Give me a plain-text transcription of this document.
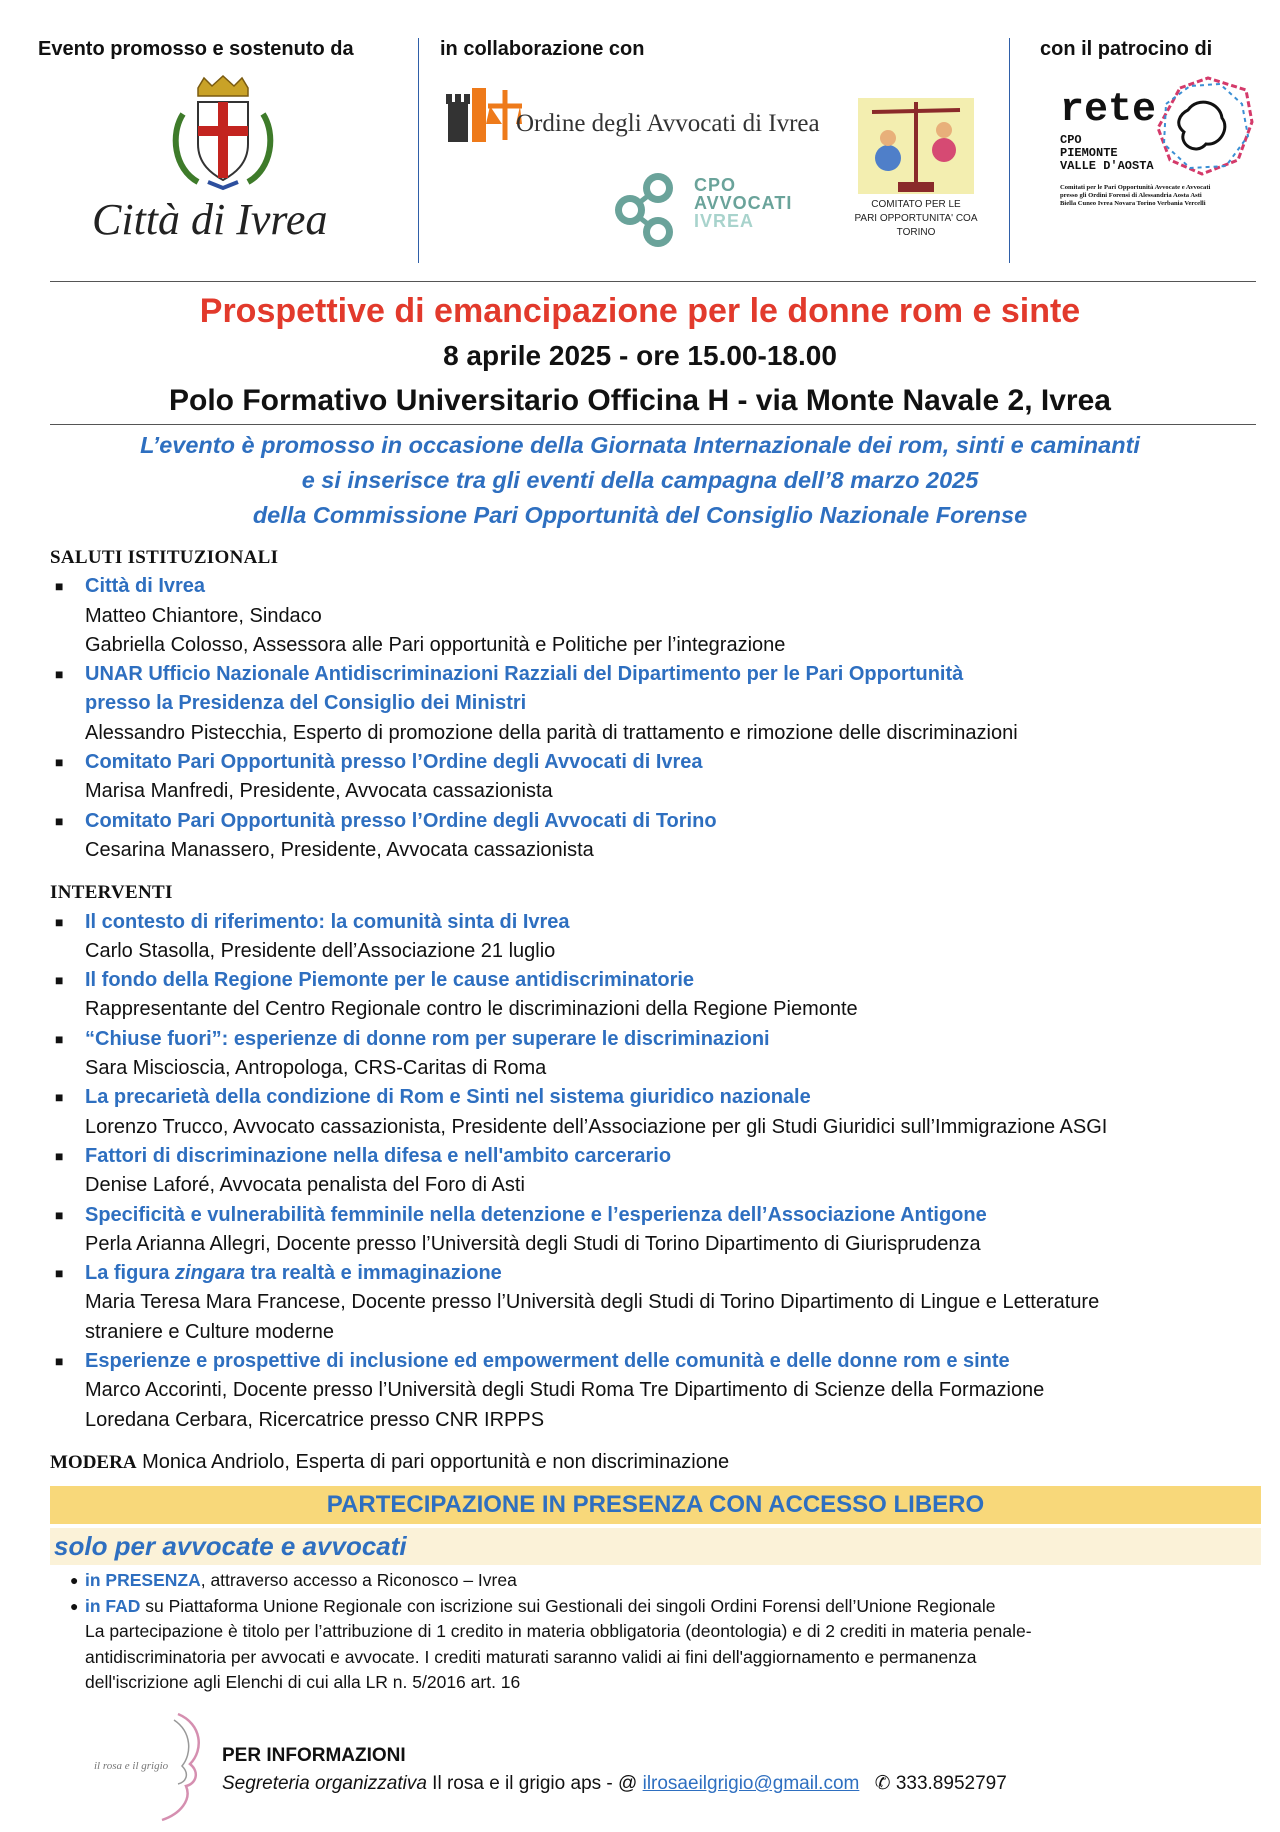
Evento promosso e sostenuto da	in collaborazione con	con il patrocino di
Città di Ivrea
Ordine degli Avvocati di Ivrea
CPO
AVVOCATI
IVREA
COMITATO PER LE
PARI OPPORTUNITA' COA TORINO
rete
CPO
PIEMONTE
VALLE D'AOSTA
Comitati per le Pari Opportunità Avvocate e Avvocati
presso gli Ordini Forensi di Alessandria Aosta Asti
Biella Cuneo Ivrea Novara Torino Verbania Vercelli
Prospettive di emancipazione per le donne rom e sinte
8 aprile 2025 - ore 15.00-18.00
Polo Formativo Universitario Officina H - via Monte Navale 2, Ivrea
L’evento è promosso in occasione della Giornata Internazionale dei rom, sinti e caminanti
e si inserisce tra gli eventi della campagna dell’8 marzo 2025
della Commissione Pari Opportunità del Consiglio Nazionale Forense
SALUTI ISTITUZIONALI
■ Città di Ivrea
Matteo Chiantore, Sindaco
Gabriella Colosso, Assessora alle Pari opportunità e Politiche per l’integrazione
■ UNAR Ufficio Nazionale Antidiscriminazioni Razziali del Dipartimento per le Pari Opportunità
presso la Presidenza del Consiglio dei Ministri
Alessandro Pistecchia, Esperto di promozione della parità di trattamento e rimozione delle discriminazioni
■ Comitato Pari Opportunità presso l’Ordine degli Avvocati di Ivrea
Marisa Manfredi, Presidente, Avvocata cassazionista
■ Comitato Pari Opportunità presso l’Ordine degli Avvocati di Torino
Cesarina Manassero, Presidente, Avvocata cassazionista
INTERVENTI
■ Il contesto di riferimento: la comunità sinta di Ivrea
Carlo Stasolla, Presidente dell’Associazione 21 luglio
■ Il fondo della Regione Piemonte per le cause antidiscriminatorie
Rappresentante del Centro Regionale contro le discriminazioni della Regione Piemonte
■ “Chiuse fuori”: esperienze di donne rom per superare le discriminazioni
Sara Miscioscia, Antropologa, CRS-Caritas di Roma
■ La precarietà della condizione di Rom e Sinti nel sistema giuridico nazionale
Lorenzo Trucco, Avvocato cassazionista, Presidente dell’Associazione per gli Studi Giuridici sull’Immigrazione ASGI
■ Fattori di discriminazione nella difesa e nell'ambito carcerario
Denise Laforé, Avvocata penalista del Foro di Asti
■ Specificità e vulnerabilità femminile nella detenzione e l’esperienza dell’Associazione Antigone
Perla Arianna Allegri, Docente presso l’Università degli Studi di Torino Dipartimento di Giurisprudenza
■ La figura zingara tra realtà e immaginazione
Maria Teresa Mara Francese, Docente presso l’Università degli Studi di Torino Dipartimento di Lingue e Letterature
straniere e Culture moderne
■ Esperienze e prospettive di inclusione ed empowerment delle comunità e delle donne rom e sinte
Marco Accorinti, Docente presso l’Università degli Studi Roma Tre Dipartimento di Scienze della Formazione
Loredana Cerbara, Ricercatrice presso CNR IRPPS
MODERA Monica Andriolo, Esperta di pari opportunità e non discriminazione
PARTECIPAZIONE IN PRESENZA CON ACCESSO LIBERO
solo per avvocate e avvocati
● in PRESENZA, attraverso accesso a Riconosco – Ivrea
● in FAD su Piattaforma Unione Regionale con iscrizione sui Gestionali dei singoli Ordini Forensi dell’Unione Regionale
La partecipazione è titolo per l’attribuzione di 1 credito in materia obbligatoria (deontologia) e di 2 crediti in materia penale-
antidiscriminatoria per avvocati e avvocate. I crediti maturati saranno validi ai fini dell'aggiornamento e permanenza
dell'iscrizione agli Elenchi di cui alla LR n. 5/2016 art. 16
il rosa e il grigio	PER INFORMAZIONI
Segreteria organizzativa Il rosa e il grigio aps - @ ilrosaeilgrigio@gmail.com ✆ 333.8952797
